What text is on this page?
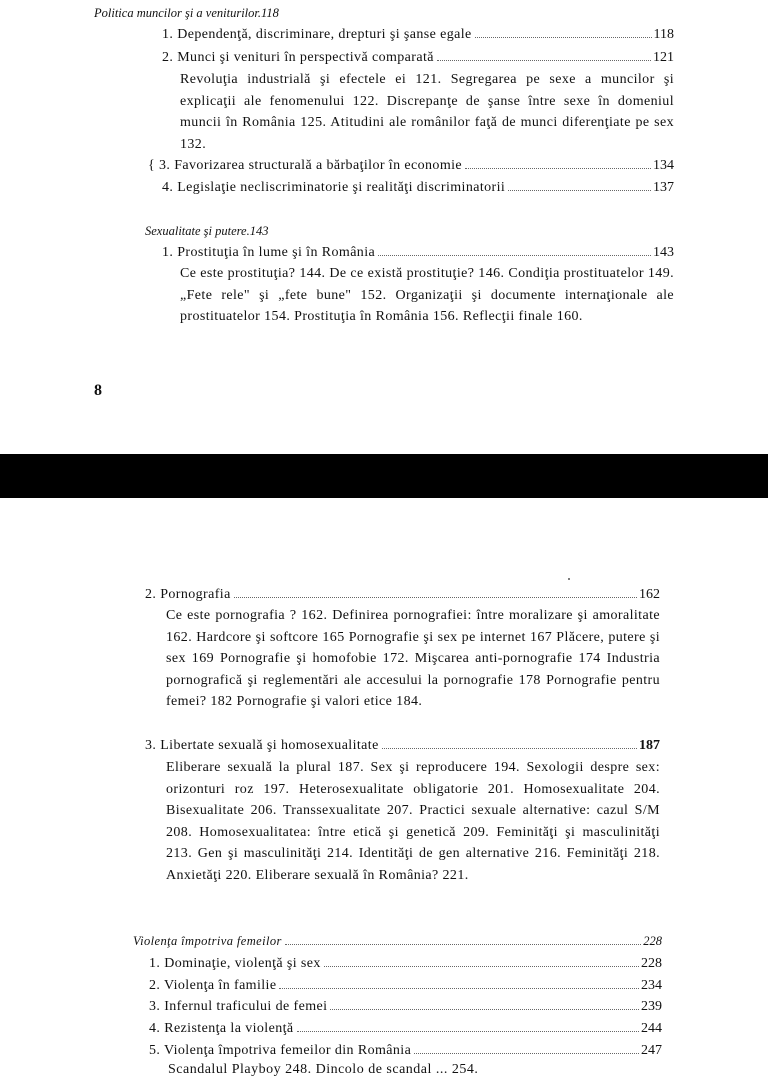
Politica muncilor şi a veniturilor.118
1. Dependenţă, discriminare, drepturi şi şanse egale	118
2. Munci şi venituri în perspectivă comparată	121
Revoluţia industrială şi efectele ei 121. Segregarea pe sexe a muncilor şi explicaţii ale fenomenului 122. Discrepanţe de şanse între sexe în domeniul muncii în România 125. Atitudini ale românilor faţă de munci diferenţiate pe sex 132.
{ 3. Favorizarea structurală a bărbaţilor în economie	134
4. Legislaţie necliscriminatorie şi realităţi discriminatorii	137
Sexualitate şi putere.143
1. Prostituţia în lume şi în România	143
Ce este prostituţia? 144. De ce există prostituţie? 146. Condiţia prostituatelor 149. „Fete rele" şi „fete bune" 152. Organizaţii şi documente internaţionale ale prostituatelor 154. Prostituţia în România 156. Reflecţii finale 160.
8
2. Pornografia	162
Ce este pornografia ? 162. Definirea pornografiei: între moralizare şi amoralitate 162. Hardcore şi softcore 165 Pornografie şi sex pe internet 167 Plăcere, putere şi sex 169 Pornografie şi homofobie 172. Mişcarea anti-pornografie 174 Industria pornografică şi reglementări ale accesului la pornografie 178 Pornografie pentru femei? 182 Pornografie şi valori etice 184.
3. Libertate sexuală şi homosexualitate	187
Eliberare sexuală la plural 187. Sex şi reproducere 194. Sexologii despre sex: orizonturi roz 197. Heterosexualitate obligatorie 201. Homosexualitate 204. Bisexualitate 206. Transsexualitate 207. Practici sexuale alternative: cazul S/M 208. Homosexualitatea: între etică şi genetică 209. Feminităţi şi masculinităţi 213. Gen şi masculinităţi 214. Identităţi de gen alternative 216. Feminităţi 218. Anxietăţi 220. Eliberare sexuală în România? 221.
Violenţa împotriva femeilor	228
1. Dominaţie, violenţă şi sex	228
2. Violenţa în familie	234
3. Infernul traficului de femei	239
4. Rezistenţa la violenţă	244
5. Violenţa împotriva femeilor din România	247
Scandalul Playboy 248. Dincolo de scandal ... 254.
